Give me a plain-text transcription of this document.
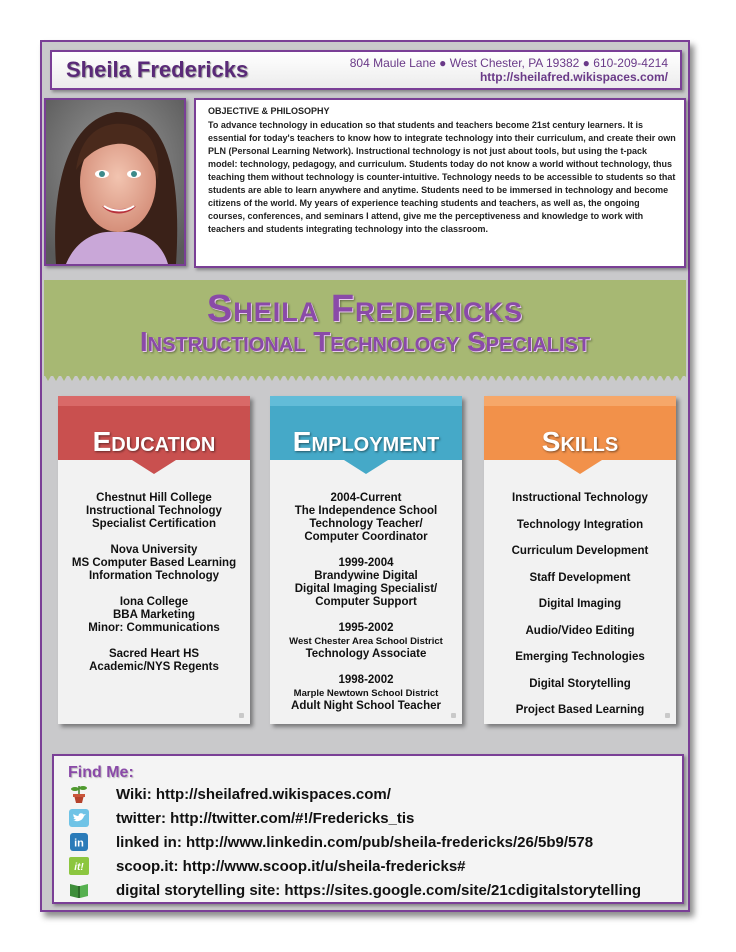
Sheila Fredericks	804 Maule Lane ● West Chester, PA 19382 ● 610-209-4214
http://sheilafred.wikispaces.com/
OBJECTIVE & PHILOSOPHY
To advance technology in education so that students and teachers become 21st century learners. It is essential for today's teachers to know how to integrate technology into their curriculum, and create their own PLN (Personal Learning Network). Instructional technology is not just about tools, but using the t-pack model: technology, pedagogy, and curriculum. Students today do not know a world without technology, thus teaching them without technology is counter-intuitive. Technology needs to be accessible to students so that students are able to learn anywhere and anytime. Students need to be immersed in technology and become citizens of the world. My years of experience teaching students and teachers, as well as, the ongoing courses, conferences, and seminars I attend, give me the perceptiveness and knowledge to work with teachers and students integrating technology into the classroom.
Sheila Fredericks
Instructional Technology Specialist
Education
Chestnut Hill College
Instructional Technology
Specialist Certification
Nova University
MS Computer Based Learning
Information Technology
Iona College
BBA Marketing
Minor: Communications
Sacred Heart HS
Academic/NYS Regents
Employment
2004-Current
The Independence School
Technology Teacher/
Computer Coordinator
1999-2004
Brandywine Digital
Digital Imaging Specialist/
Computer Support
1995-2002
West Chester Area School District
Technology Associate
1998-2002
Marple Newtown School District
Adult Night School Teacher
Skills
Instructional Technology
Technology Integration
Curriculum Development
Staff Development
Digital Imaging
Audio/Video Editing
Emerging Technologies
Digital Storytelling
Project Based Learning
Find Me:
Wiki: http://sheilafred.wikispaces.com/
twitter: http://twitter.com/#!/Fredericks_tis
in linked in: http://www.linkedin.com/pub/sheila-fredericks/26/5b9/578
it! scoop.it: http://www.scoop.it/u/sheila-fredericks#
digital storytelling site: https://sites.google.com/site/21cdigitalstorytelling
